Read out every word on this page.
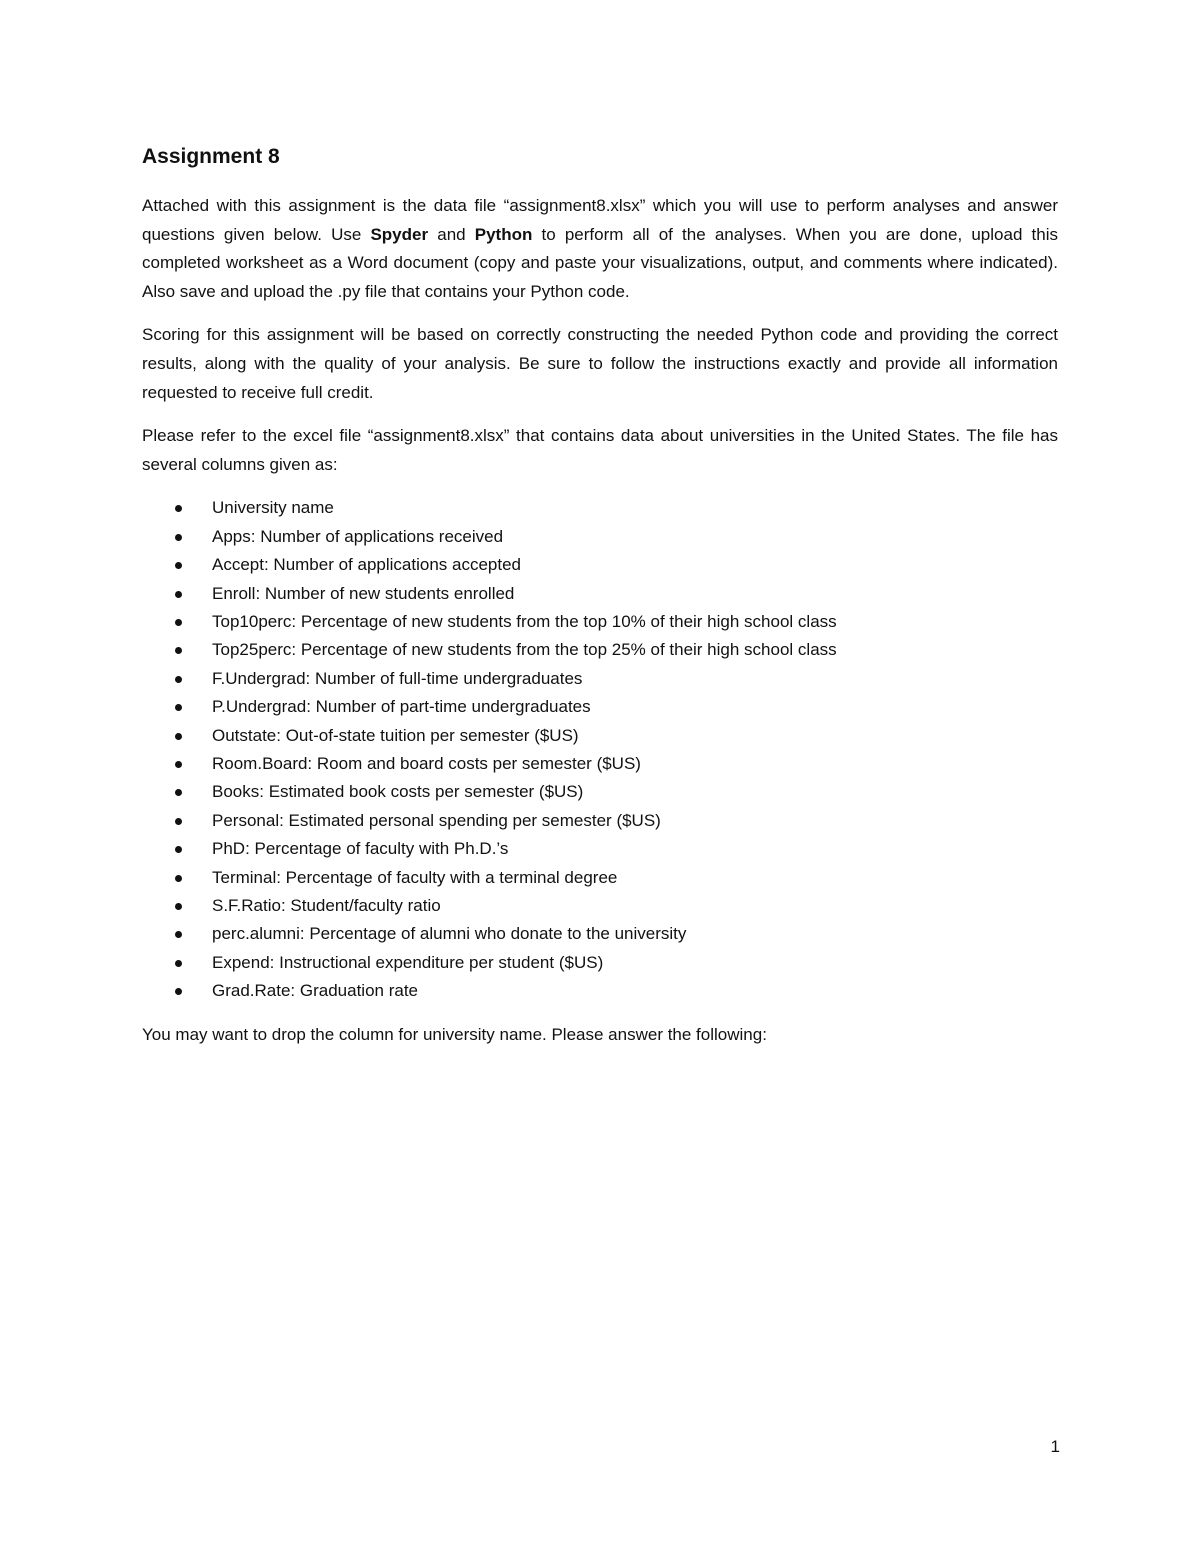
Assignment 8

Attached with this assignment is the data file “assignment8.xlsx” which you will use to perform analyses and answer questions given below. Use Spyder and Python to perform all of the analyses. When you are done, upload this completed worksheet as a Word document (copy and paste your visualizations, output, and comments where indicated). Also save and upload the .py file that contains your Python code.

Scoring for this assignment will be based on correctly constructing the needed Python code and providing the correct results, along with the quality of your analysis. Be sure to follow the instructions exactly and provide all information requested to receive full credit.

Please refer to the excel file “assignment8.xlsx” that contains data about universities in the United States. The file has several columns given as:

University name
Apps: Number of applications received
Accept: Number of applications accepted
Enroll: Number of new students enrolled
Top10perc: Percentage of new students from the top 10% of their high school class
Top25perc: Percentage of new students from the top 25% of their high school class
F.Undergrad: Number of full-time undergraduates
P.Undergrad: Number of part-time undergraduates
Outstate: Out-of-state tuition per semester ($US)
Room.Board: Room and board costs per semester ($US)
Books: Estimated book costs per semester ($US)
Personal: Estimated personal spending per semester ($US)
PhD: Percentage of faculty with Ph.D.’s
Terminal: Percentage of faculty with a terminal degree
S.F.Ratio: Student/faculty ratio
perc.alumni: Percentage of alumni who donate to the university
Expend: Instructional expenditure per student ($US)
Grad.Rate: Graduation rate

You may want to drop the column for university name. Please answer the following:

1
